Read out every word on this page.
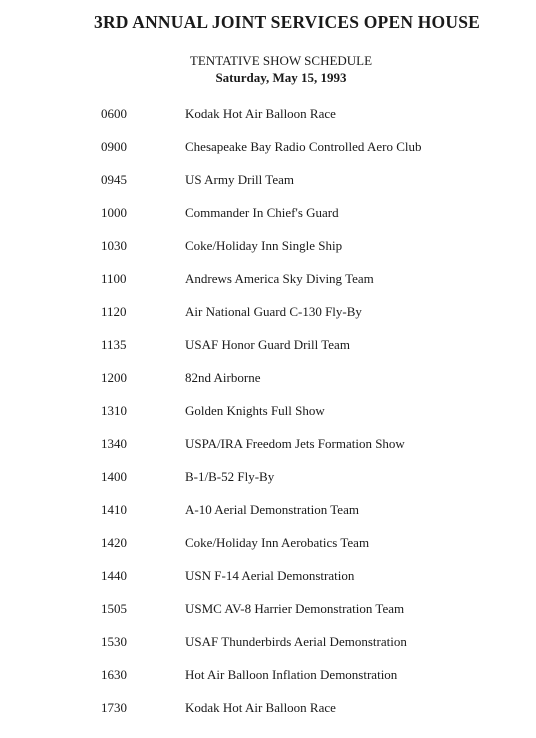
3RD ANNUAL JOINT SERVICES OPEN HOUSE
TENTATIVE SHOW SCHEDULE
Saturday, May 15, 1993
0600	Kodak Hot Air Balloon Race
0900	Chesapeake Bay Radio Controlled Aero Club
0945	US Army Drill Team
1000	Commander In Chief's Guard
1030	Coke/Holiday Inn Single Ship
1100	Andrews America Sky Diving Team
1120	Air National Guard C-130 Fly-By
1135	USAF Honor Guard Drill Team
1200	82nd Airborne
1310	Golden Knights Full Show
1340	USPA/IRA Freedom Jets Formation Show
1400	B-1/B-52 Fly-By
1410	A-10 Aerial Demonstration Team
1420	Coke/Holiday Inn Aerobatics Team
1440	USN F-14 Aerial Demonstration
1505	USMC AV-8 Harrier Demonstration Team
1530	USAF Thunderbirds Aerial Demonstration
1630	Hot Air Balloon Inflation Demonstration
1730	Kodak Hot Air Balloon Race
